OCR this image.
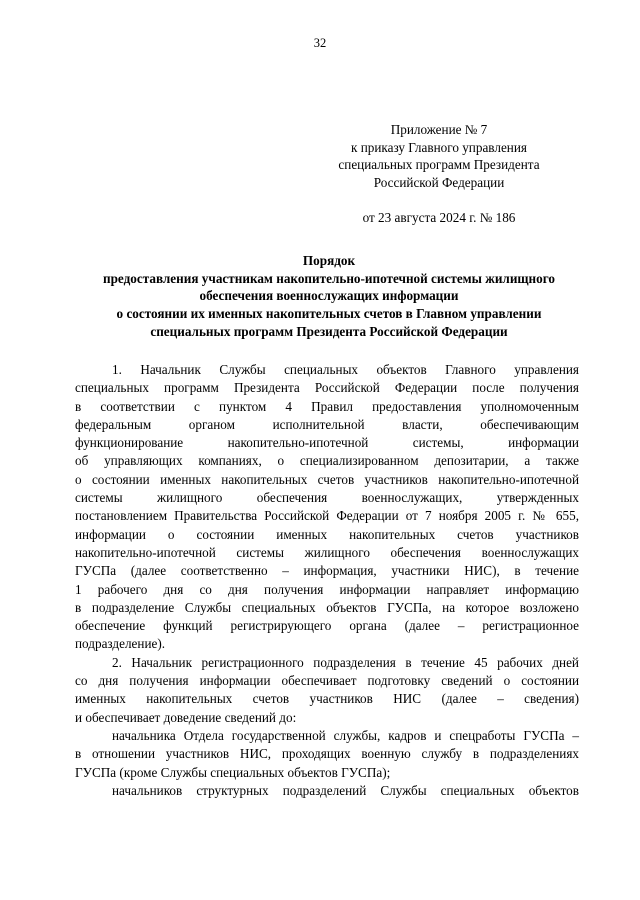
32
Приложение № 7
к приказу Главного управления
специальных программ Президента
Российской Федерации
от 23 августа 2024 г. № 186
Порядок
предоставления участникам накопительно-ипотечной системы жилищного
обеспечения военнослужащих информации
о состоянии их именных накопительных счетов в Главном управлении
специальных программ Президента Российской Федерации
1. Начальник Службы специальных объектов Главного управления
специальных программ Президента Российской Федерации после получения
в соответствии с пунктом 4 Правил предоставления уполномоченным
федеральным органом исполнительной власти, обеспечивающим
функционирование накопительно-ипотечной системы, информации
об управляющих компаниях, о специализированном депозитарии, а также
о состоянии именных накопительных счетов участников накопительно-ипотечной
системы жилищного обеспечения военнослужащих, утвержденных
постановлением Правительства Российской Федерации от 7 ноября 2005 г. № 655,
информации о состоянии именных накопительных счетов участников
накопительно-ипотечной системы жилищного обеспечения военнослужащих
ГУСПа (далее соответственно – информация, участники НИС), в течение
1 рабочего дня со дня получения информации направляет информацию
в подразделение Службы специальных объектов ГУСПа, на которое возложено
обеспечение функций регистрирующего органа (далее – регистрационное
подразделение).
2. Начальник регистрационного подразделения в течение 45 рабочих дней
со дня получения информации обеспечивает подготовку сведений о состоянии
именных накопительных счетов участников НИС (далее – сведения)
и обеспечивает доведение сведений до:
начальника Отдела государственной службы, кадров и спецработы ГУСПа –
в отношении участников НИС, проходящих военную службу в подразделениях
ГУСПа (кроме Службы специальных объектов ГУСПа);
начальников структурных подразделений Службы специальных объектов
